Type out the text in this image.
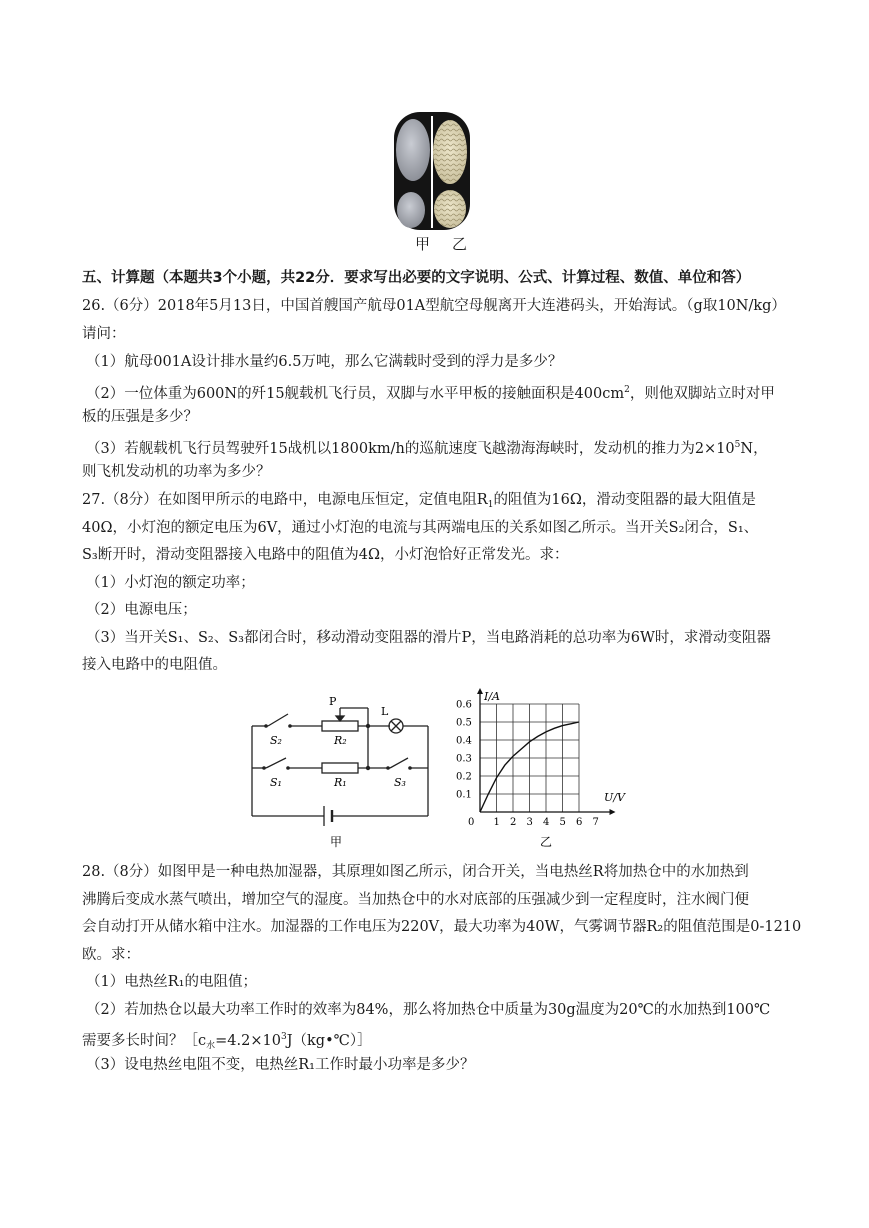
甲 乙
五、计算题（本题共3个小题，共22分．要求写出必要的文字说明、公式、计算过程、数值、单位和答）
26.（6分）2018年5月13日，中国首艘国产航母01A型航空母舰离开大连港码头，开始海试。（g取10N/kg）
请问：
（1）航母001A设计排水量约6.5万吨，那么它满载时受到的浮力是多少？
（2）一位体重为600N的歼15舰载机飞行员，双脚与水平甲板的接触面积是$400cm^2$，则他双脚站立时对甲
板的压强是多少？
（3）若舰载机飞行员驾驶歼15战机以1800km/h的巡航速度飞越渤海海峡时，发动机的推力为$2\times 10^5N$，
则飞机发动机的功率为多少？
27.（8分）在如图甲所示的电路中，电源电压恒定，定值电阻$R_1$的阻值为16Ω，滑动变阻器的最大阻值是
40Ω，小灯泡的额定电压为6V，通过小灯泡的电流与其两端电压的关系如图乙所示。当开关S₂闭合，S₁、
S₃断开时，滑动变阻器接入电路中的阻值为4Ω，小灯泡恰好正常发光。求：
（1）小灯泡的额定功率；
（2）电源电压；
（3）当开关S₁、S₂、S₃都闭合时，移动滑动变阻器的滑片P，当电路消耗的总功率为6W时，求滑动变阻器
接入电路中的电阻值。
P
L
R₂
R₁
S₂
S₁	S₃
甲
0 1 2 3 4 5 6 7
0.1
0.2
0.3
0.4
0.5
0.6
I/A
U/V
乙
28.（8分）如图甲是一种电热加湿器，其原理如图乙所示，闭合开关，当电热丝R将加热仓中的水加热到
沸腾后变成水蒸气喷出，增加空气的湿度。当加热仓中的水对底部的压强减少到一定程度时，注水阀门便
会自动打开从储水箱中注水。加湿器的工作电压为220V，最大功率为40W，气雾调节器R₂的阻值范围是0-1210
欧。求：
（1）电热丝R₁的电阻值；
（2）若加热仓以最大功率工作时的效率为84%，那么将加热仓中质量为30g温度为20℃的水加热到100℃
需要多长时间？$[c_水=4.2\times 10^3J(kg•℃)]$
（3）设电热丝电阻不变，电热丝R₁工作时最小功率是多少？
